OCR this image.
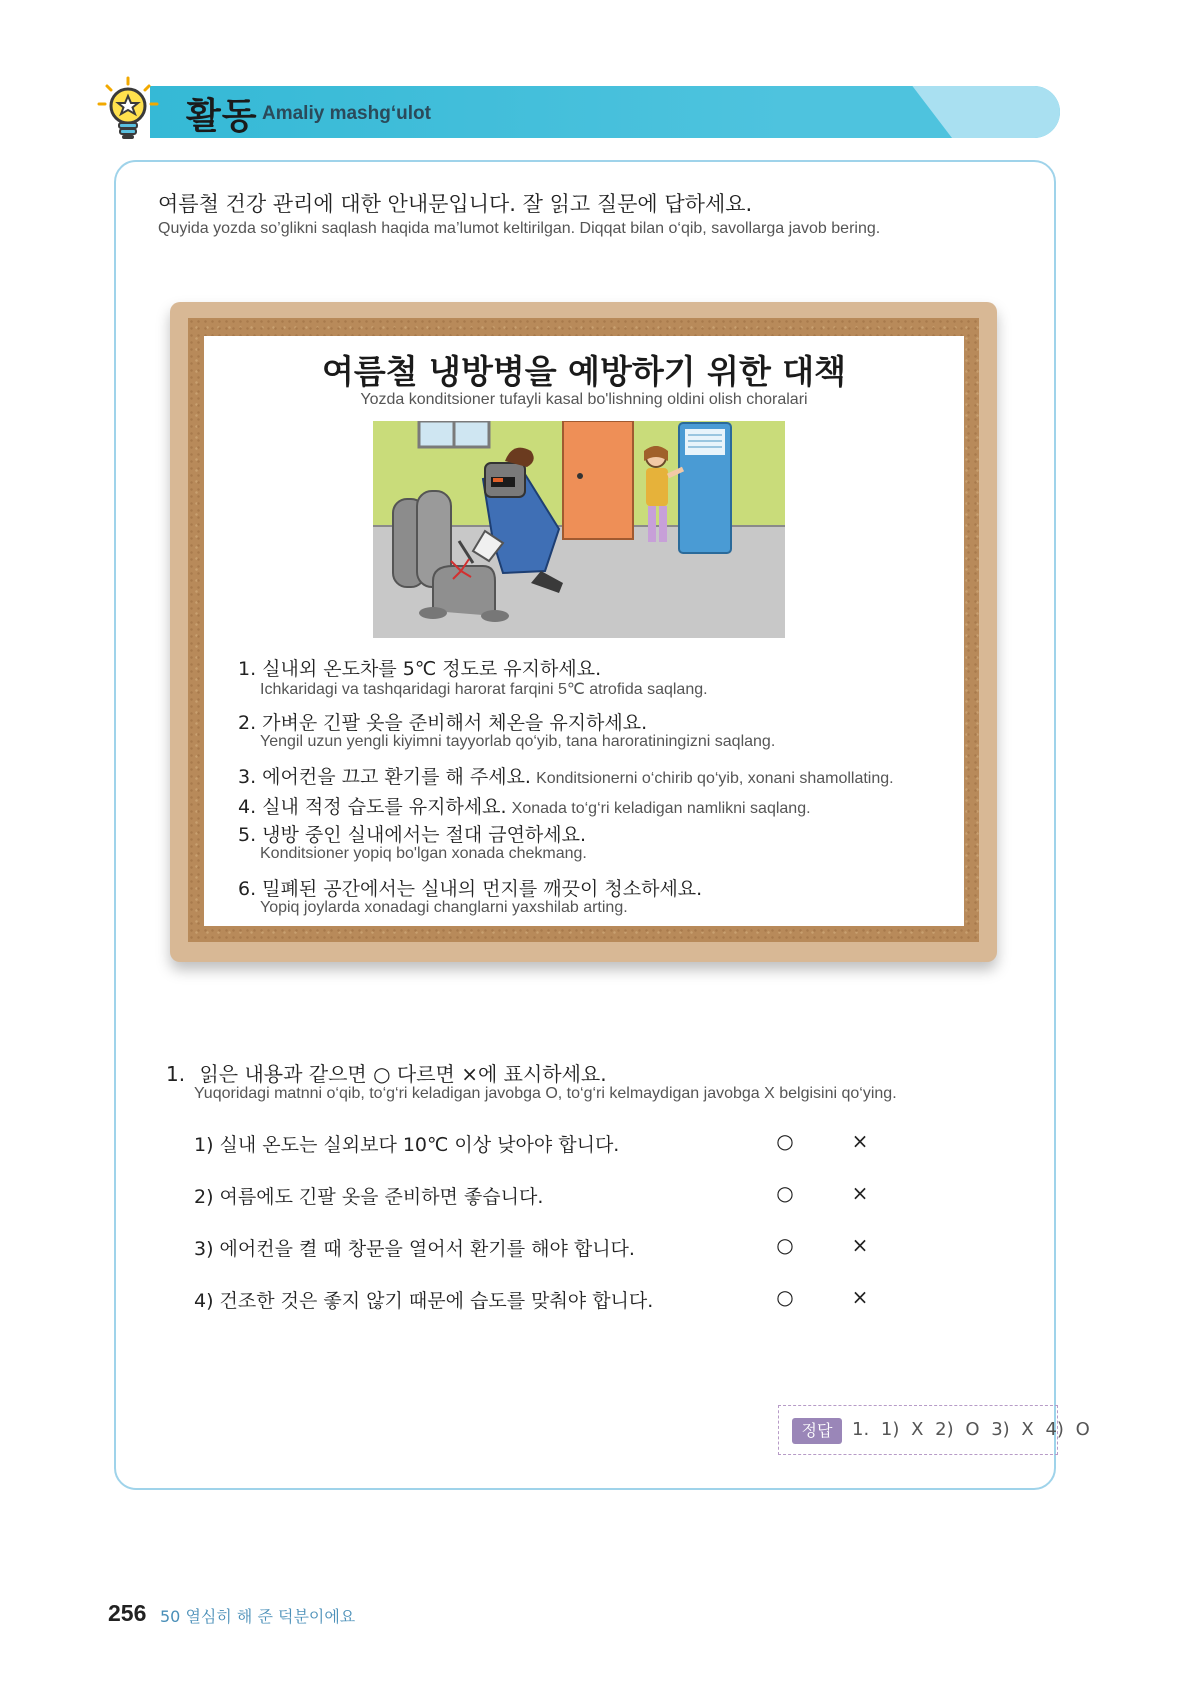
활동 Amaliy mashg‘ulot
여름철 건강 관리에 대한 안내문입니다. 잘 읽고 질문에 답하세요.
Quyida yozda so’glikni saqlash haqida ma’lumot keltirilgan. Diqqat bilan o‘qib, savollarga javob bering.
여름철 냉방병을 예방하기 위한 대책
Yozda konditsioner tufayli kasal bo'lishning oldini olish choralari
1. 실내외 온도차를 5℃ 정도로 유지하세요.
Ichkaridagi va tashqaridagi harorat farqini 5℃ atrofida saqlang.
2. 가벼운 긴팔 옷을 준비해서 체온을 유지하세요.
Yengil uzun yengli kiyimni tayyorlab qo‘yib, tana haroratiningizni saqlang.
3. 에어컨을 끄고 환기를 해 주세요. Konditsionerni o‘chirib qo‘yib, xonani shamollating.
4. 실내 적정 습도를 유지하세요. Xonada to‘g‘ri keladigan namlikni saqlang.
5. 냉방 중인 실내에서는 절대 금연하세요.
Konditsioner yopiq bo'lgan xonada chekmang.
6. 밀폐된 공간에서는 실내의 먼지를 깨끗이 청소하세요.
Yopiq joylarda xonadagi changlarni yaxshilab arting.
1. 읽은 내용과 같으면 ○ 다르면 ×에 표시하세요.
Yuqoridagi matnni o‘qib, to‘g‘ri keladigan javobga O, to‘g‘ri kelmaydigan javobga X belgisini qo‘ying.
1) 실내 온도는 실외보다 10℃ 이상 낮아야 합니다.	○	×
2) 여름에도 긴팔 옷을 준비하면 좋습니다.	○	×
3) 에어컨을 켤 때 창문을 열어서 환기를 해야 합니다.	○	×
4) 건조한 것은 좋지 않기 때문에 습도를 맞춰야 합니다.	○	×
정답	1. 1) X 2) O 3) X 4) O
256 50 열심히 해 준 덕분이에요
